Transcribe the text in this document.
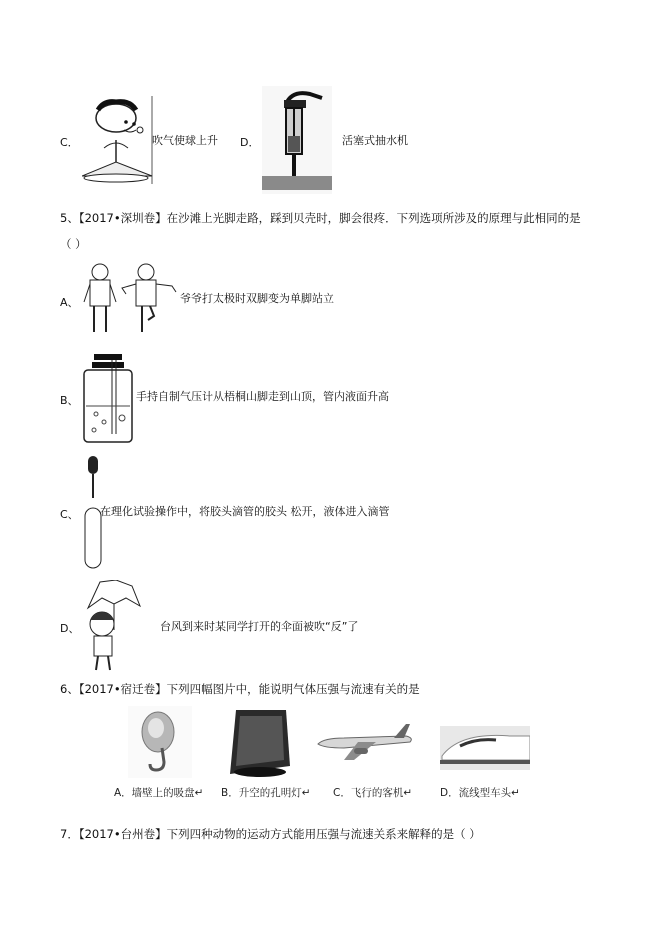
C．	吹气使球上升 D．	活塞式抽水机
5、【2017•深圳卷】在沙滩上光脚走路，踩到贝壳时，脚会很疼．下列选项所涉及的原理与此相同的是
（ ）
A、	爷爷打太极时双脚变为单脚站立
B、	手持自制气压计从梧桐山脚走到山顶，管内液面升高
C、 在理化试验操作中，将胶头滴管的胶头 松开，液体进入滴管
D、	台风到来时某同学打开的伞面被吹“反”了
6、【2017•宿迁卷】下列四幅图片中，能说明气体压强与流速有关的是
A．墙壁上的吸盘↵ B．升空的孔明灯↵ C．飞行的客机↵	D．流线型车头↵
7．【2017•台州卷】下列四种动物的运动方式能用压强与流速关系来解释的是（ ）
